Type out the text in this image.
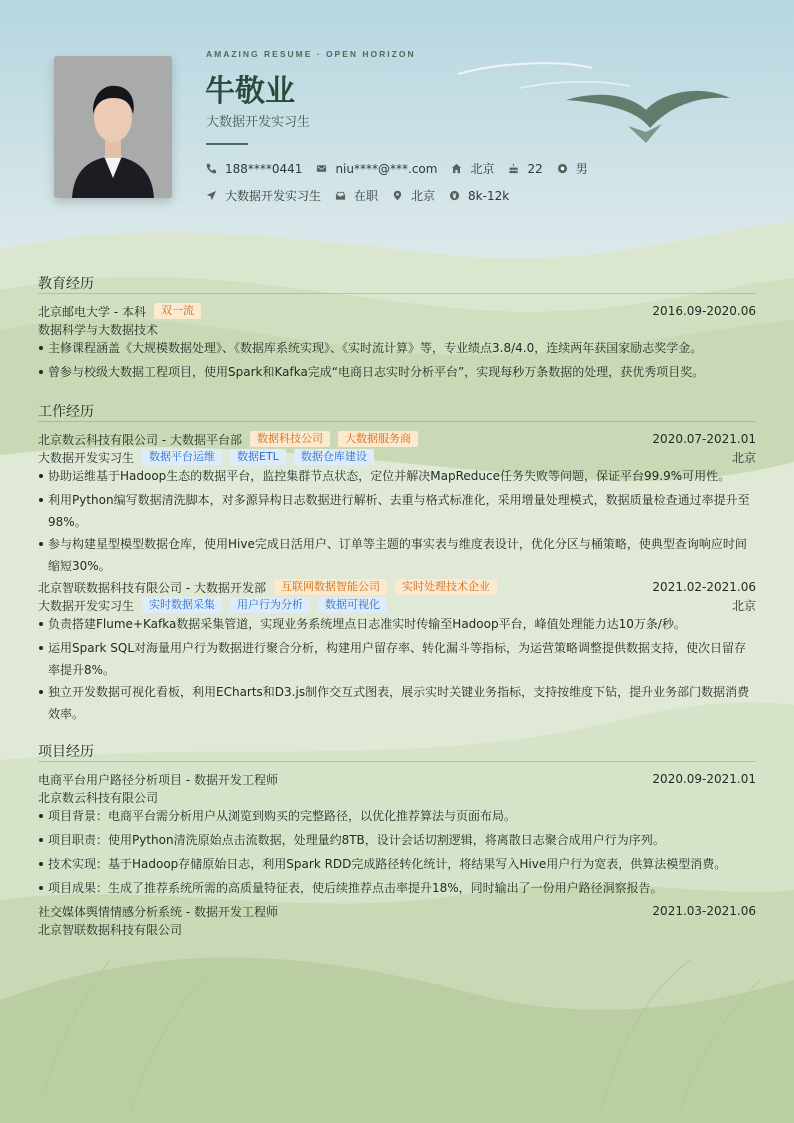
AMAZING RESUME · OPEN HORIZON
牛敬业
大数据开发实习生
188****0441	niu****@***.com	北京	22	男
大数据开发实习生	在职	北京	8k-12k
教育经历
北京邮电大学 - 本科	双一流	2016.09-2020.06
数据科学与大数据技术
主修课程涵盖《大规模数据处理》、《数据库系统实现》、《实时流计算》等，专业绩点3.8/4.0，连续两年获国家励志奖学金。
曾参与校级大数据工程项目，使用Spark和Kafka完成“电商日志实时分析平台”，实现每秒万条数据的处理，获优秀项目奖。
工作经历
北京数云科技有限公司 - 大数据平台部	数据科技公司	大数据服务商	2020.07-2021.01
大数据开发实习生	数据平台运维	数据ETL	数据仓库建设	北京
协助运维基于Hadoop生态的数据平台，监控集群节点状态，定位并解决MapReduce任务失败等问题，保证平台99.9%可用性。
利用Python编写数据清洗脚本，对多源异构日志数据进行解析、去重与格式标准化，采用增量处理模式，数据质量检查通过率提升至98%。
参与构建星型模型数据仓库，使用Hive完成日活用户、订单等主题的事实表与维度表设计，优化分区与桶策略，使典型查询响应时间缩短30%。
北京智联数据科技有限公司 - 大数据开发部	互联网数据智能公司	实时处理技术企业	2021.02-2021.06
大数据开发实习生	实时数据采集	用户行为分析	数据可视化	北京
负责搭建Flume+Kafka数据采集管道，实现业务系统埋点日志准实时传输至Hadoop平台，峰值处理能力达10万条/秒。
运用Spark SQL对海量用户行为数据进行聚合分析，构建用户留存率、转化漏斗等指标，为运营策略调整提供数据支持，使次日留存率提升8%。
独立开发数据可视化看板，利用ECharts和D3.js制作交互式图表，展示实时关键业务指标，支持按维度下钻，提升业务部门数据消费效率。
项目经历
电商平台用户路径分析项目 - 数据开发工程师	2020.09-2021.01
北京数云科技有限公司
项目背景：电商平台需分析用户从浏览到购买的完整路径，以优化推荐算法与页面布局。
项目职责：使用Python清洗原始点击流数据，处理量约8TB，设计会话切割逻辑，将离散日志聚合成用户行为序列。
技术实现：基于Hadoop存储原始日志，利用Spark RDD完成路径转化统计，将结果写入Hive用户行为宽表，供算法模型消费。
项目成果：生成了推荐系统所需的高质量特征表，使后续推荐点击率提升18%，同时输出了一份用户路径洞察报告。
社交媒体舆情情感分析系统 - 数据开发工程师	2021.03-2021.06
北京智联数据科技有限公司
